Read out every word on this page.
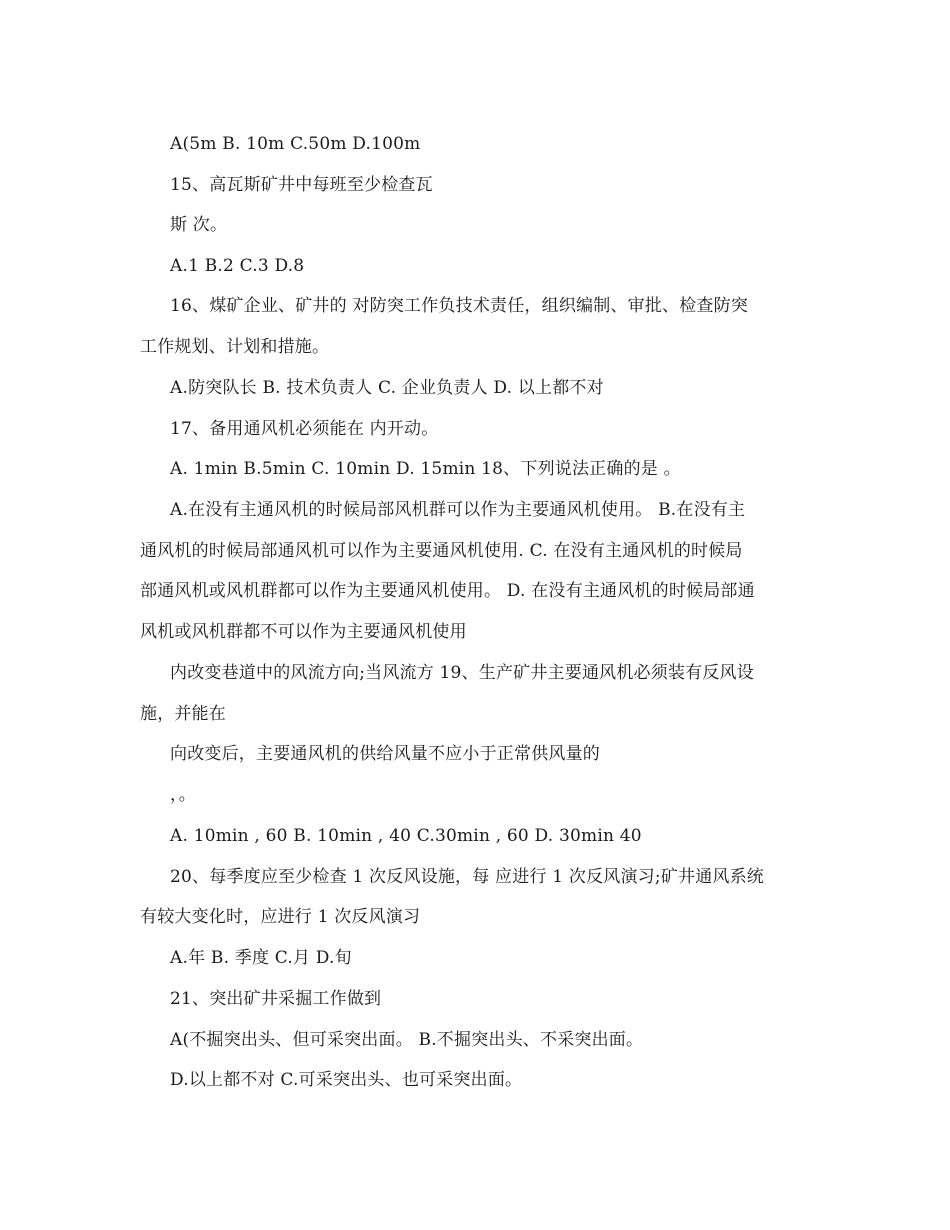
A(5m B. 10m C.50m D.100m
15、高瓦斯矿井中每班至少检查瓦
斯 次。
A.1 B.2 C.3 D.8
16、煤矿企业、矿井的 对防突工作负技术责任，组织编制、审批、检查防突
工作规划、计划和措施。
A.防突队长 B. 技术负责人 C. 企业负责人 D. 以上都不对
17、备用通风机必须能在 内开动。
A. 1min B.5min C. 10min D. 15min 18、下列说法正确的是 。
A.在没有主通风机的时候局部风机群可以作为主要通风机使用。 B.在没有主
通风机的时候局部通风机可以作为主要通风机使用. C. 在没有主通风机的时候局
部通风机或风机群都可以作为主要通风机使用。 D. 在没有主通风机的时候局部通
风机或风机群都不可以作为主要通风机使用
内改变巷道中的风流方向;当风流方 19、生产矿井主要通风机必须装有反风设
施，并能在
向改变后，主要通风机的供给风量不应小于正常供风量的
，。
A. 10min , 60 B. 10min , 40 C.30min , 60 D. 30min 40
20、每季度应至少检查 1 次反风设施，每 应进行 1 次反风演习;矿井通风系统
有较大变化时，应进行 1 次反风演习
A.年 B. 季度 C.月 D.旬
21、突出矿井采掘工作做到
A(不掘突出头、但可采突出面。 B.不掘突出头、不采突出面。
D.以上都不对 C.可采突出头、也可采突出面。
